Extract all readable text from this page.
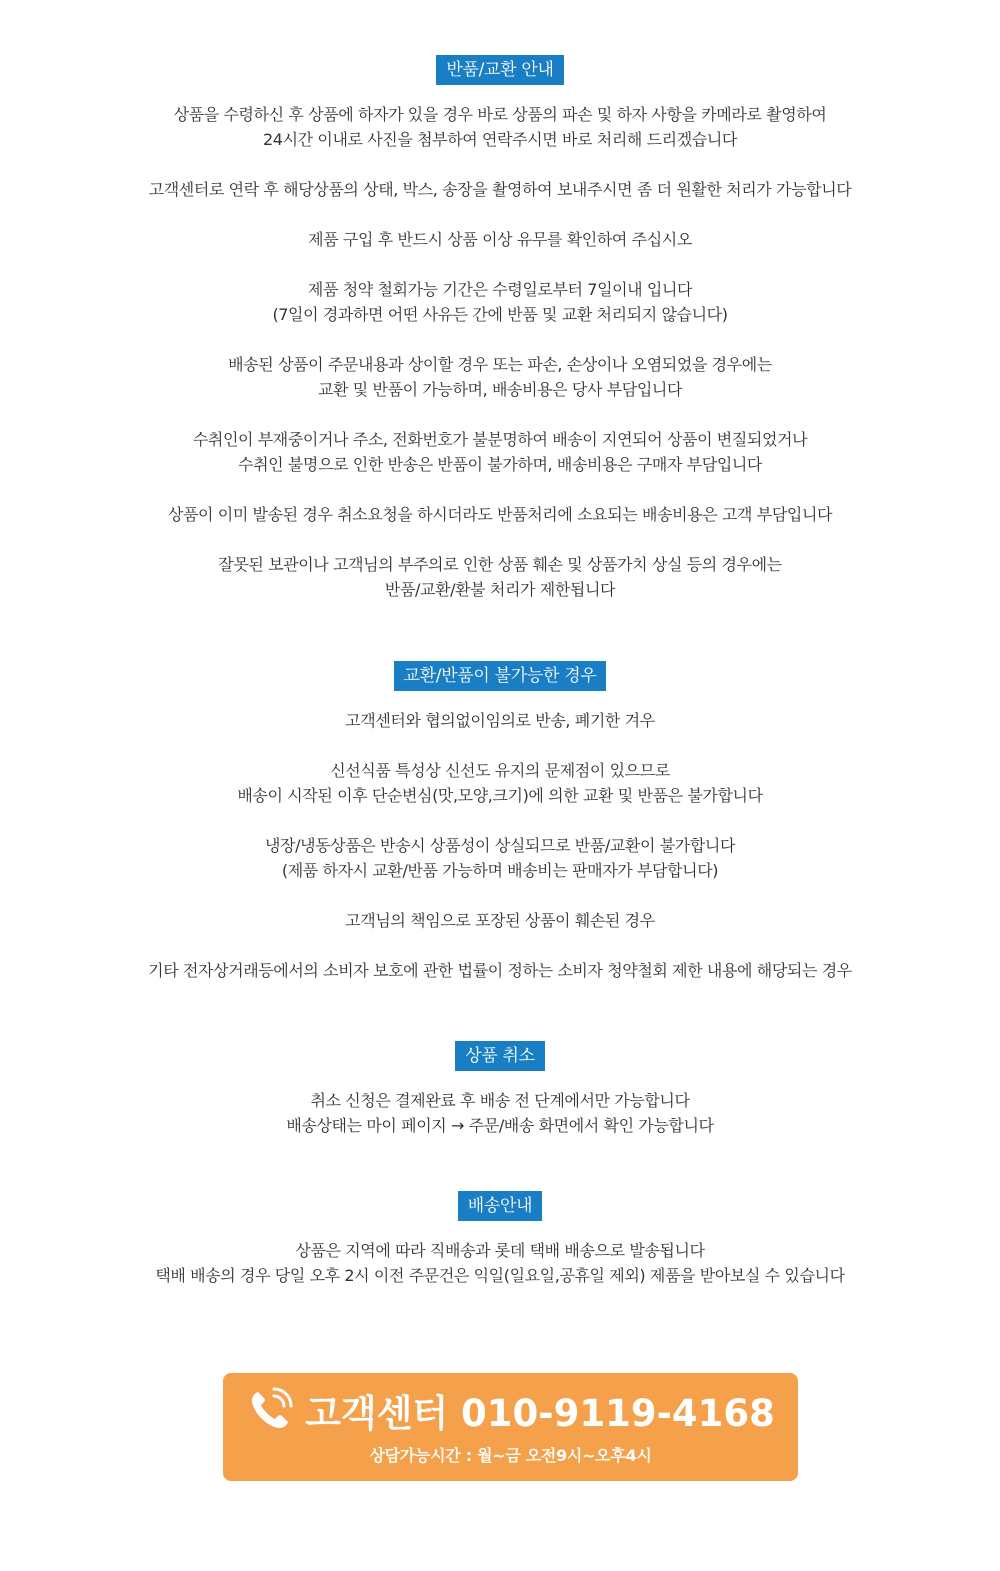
반품/교환 안내

상품을 수령하신 후 상품에 하자가 있을 경우 바로 상품의 파손 및 하자 사항을 카메라로 촬영하여
24시간 이내로 사진을 첨부하여 연락주시면 바로 처리해 드리겠습니다

고객센터로 연락 후 해당상품의 상태, 박스, 송장을 촬영하여 보내주시면 좀 더 원활한 처리가 가능합니다

제품 구입 후 반드시 상품 이상 유무를 확인하여 주십시오

제품 청약 철회가능 기간은 수령일로부터 7일이내 입니다
(7일이 경과하면 어떤 사유든 간에 반품 및 교환 처리되지 않습니다)

배송된 상품이 주문내용과 상이할 경우 또는 파손, 손상이나 오염되었을 경우에는
교환 및 반품이 가능하며, 배송비용은 당사 부담입니다

수취인이 부재중이거나 주소, 전화번호가 불분명하여 배송이 지연되어 상품이 변질되었거나
수취인 불명으로 인한 반송은 반품이 불가하며, 배송비용은 구매자 부담입니다

상품이 이미 발송된 경우 취소요청을 하시더라도 반품처리에 소요되는 배송비용은 고객 부담입니다

잘못된 보관이나 고객님의 부주의로 인한 상품 훼손 및 상품가치 상실 등의 경우에는
반품/교환/환불 처리가 제한됩니다

교환/반품이 불가능한 경우

고객센터와 협의없이임의로 반송, 폐기한 겨우

신선식품 특성상 신선도 유지의 문제점이 있으므로
배송이 시작된 이후 단순변심(맛,모양,크기)에 의한 교환 및 반품은 불가합니다

냉장/냉동상품은 반송시 상품성이 상실되므로 반품/교환이 불가합니다
(제품 하자시 교환/반품 가능하며 배송비는 판매자가 부담합니다)

고객님의 책임으로 포장된 상품이 훼손된 경우

기타 전자상거래등에서의 소비자 보호에 관한 법률이 정하는 소비자 청약철회 제한 내용에 해당되는 경우

상품 취소

취소 신청은 결제완료 후 배송 전 단계에서만 가능합니다
배송상태는 마이 페이지 → 주문/배송 화면에서 확인 가능합니다

배송안내

상품은 지역에 따라 직배송과 롯데 택배 배송으로 발송됩니다
택배 배송의 경우 당일 오후 2시 이전 주문건은 익일(일요일,공휴일 제외) 제품을 받아보실 수 있습니다

고객센터 010-9119-4168
상담가능시간 : 월~금 오전9시~오후4시
